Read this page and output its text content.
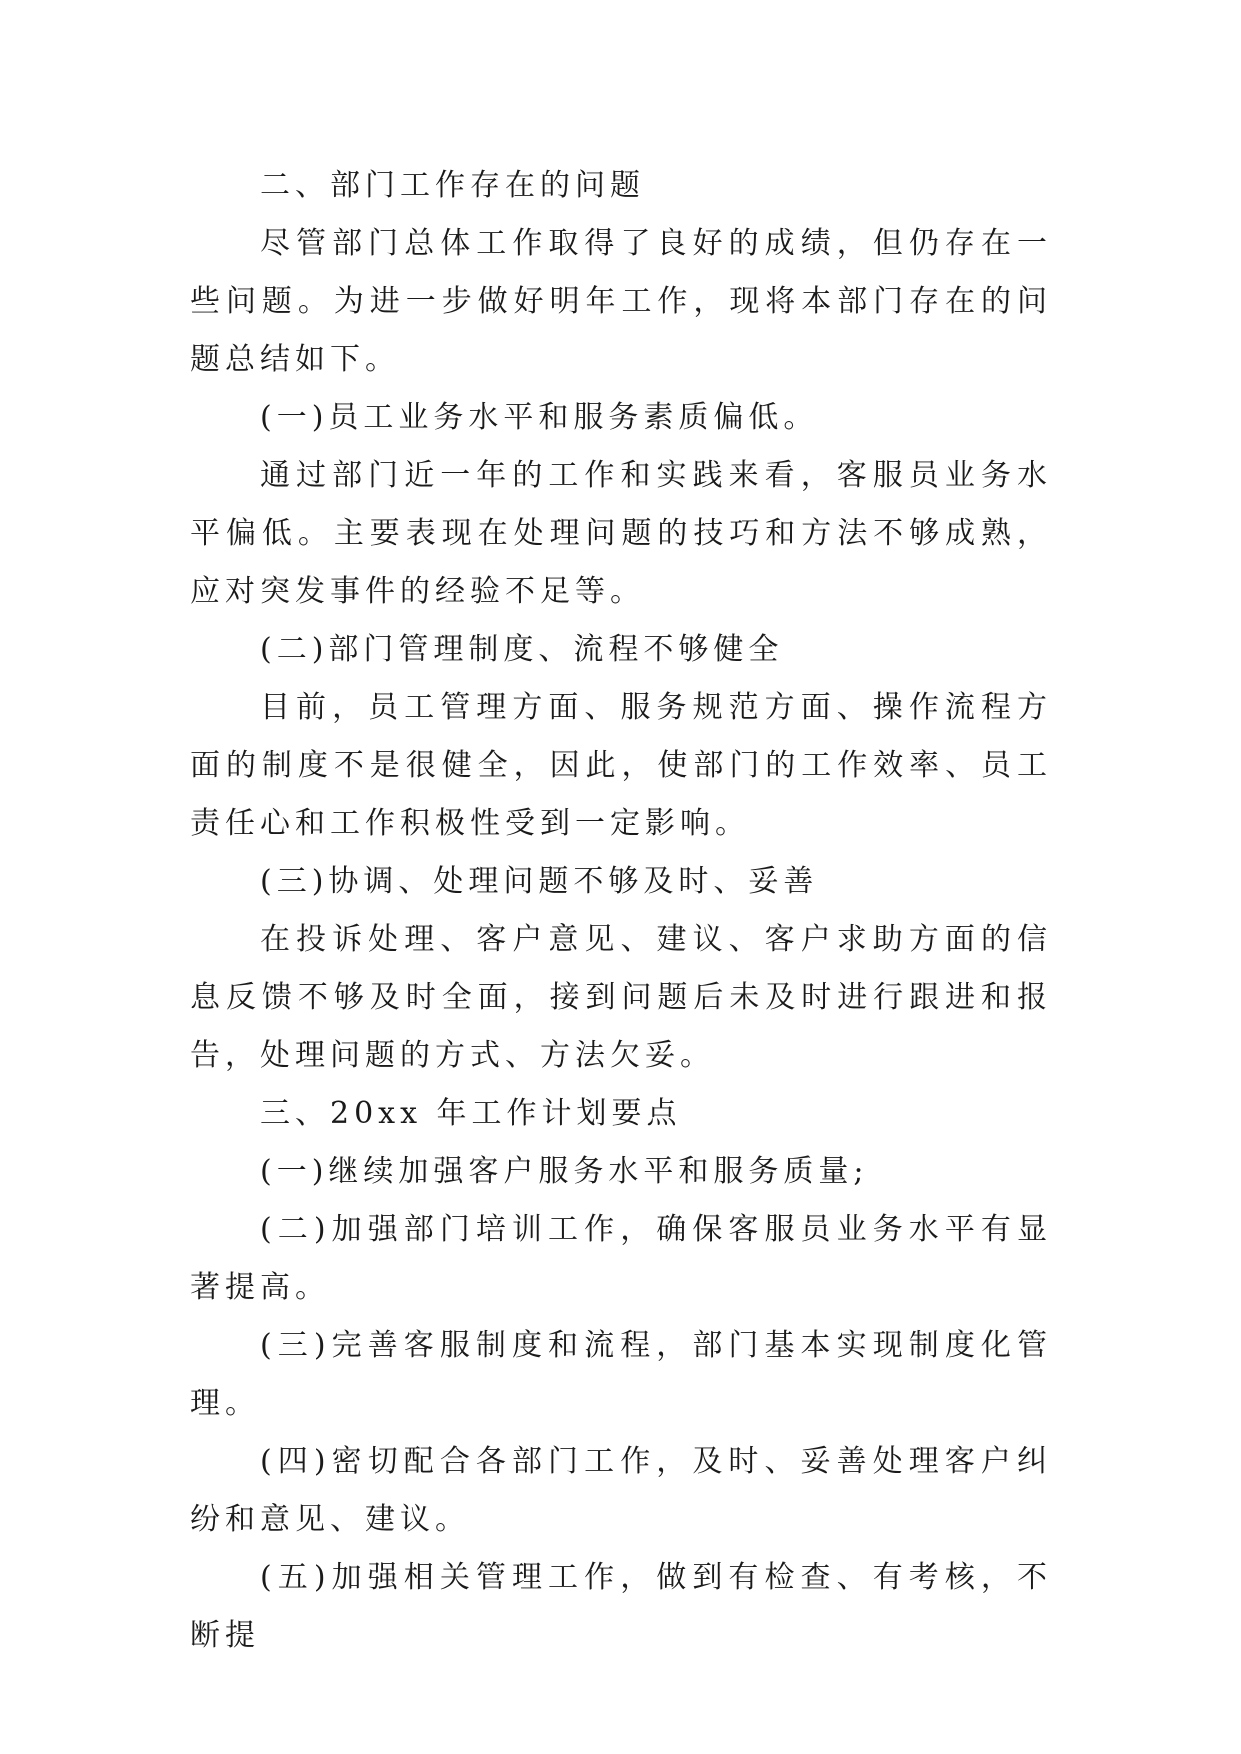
二、部门工作存在的问题

尽管部门总体工作取得了良好的成绩，但仍存在一些问题。为进一步做好明年工作，现将本部门存在的问题总结如下。

(一)员工业务水平和服务素质偏低。

通过部门近一年的工作和实践来看，客服员业务水平偏低。主要表现在处理问题的技巧和方法不够成熟，应对突发事件的经验不足等。

(二)部门管理制度、流程不够健全

目前，员工管理方面、服务规范方面、操作流程方面的制度不是很健全，因此，使部门的工作效率、员工责任心和工作积极性受到一定影响。

(三)协调、处理问题不够及时、妥善

在投诉处理、客户意见、建议、客户求助方面的信息反馈不够及时全面，接到问题后未及时进行跟进和报告，处理问题的方式、方法欠妥。

三、20xx 年工作计划要点

(一)继续加强客户服务水平和服务质量;

(二)加强部门培训工作，确保客服员业务水平有显著提高。

(三)完善客服制度和流程，部门基本实现制度化管理。

(四)密切配合各部门工作，及时、妥善处理客户纠纷和意见、建议。

(五)加强相关管理工作，做到有检查、有考核，不断提
